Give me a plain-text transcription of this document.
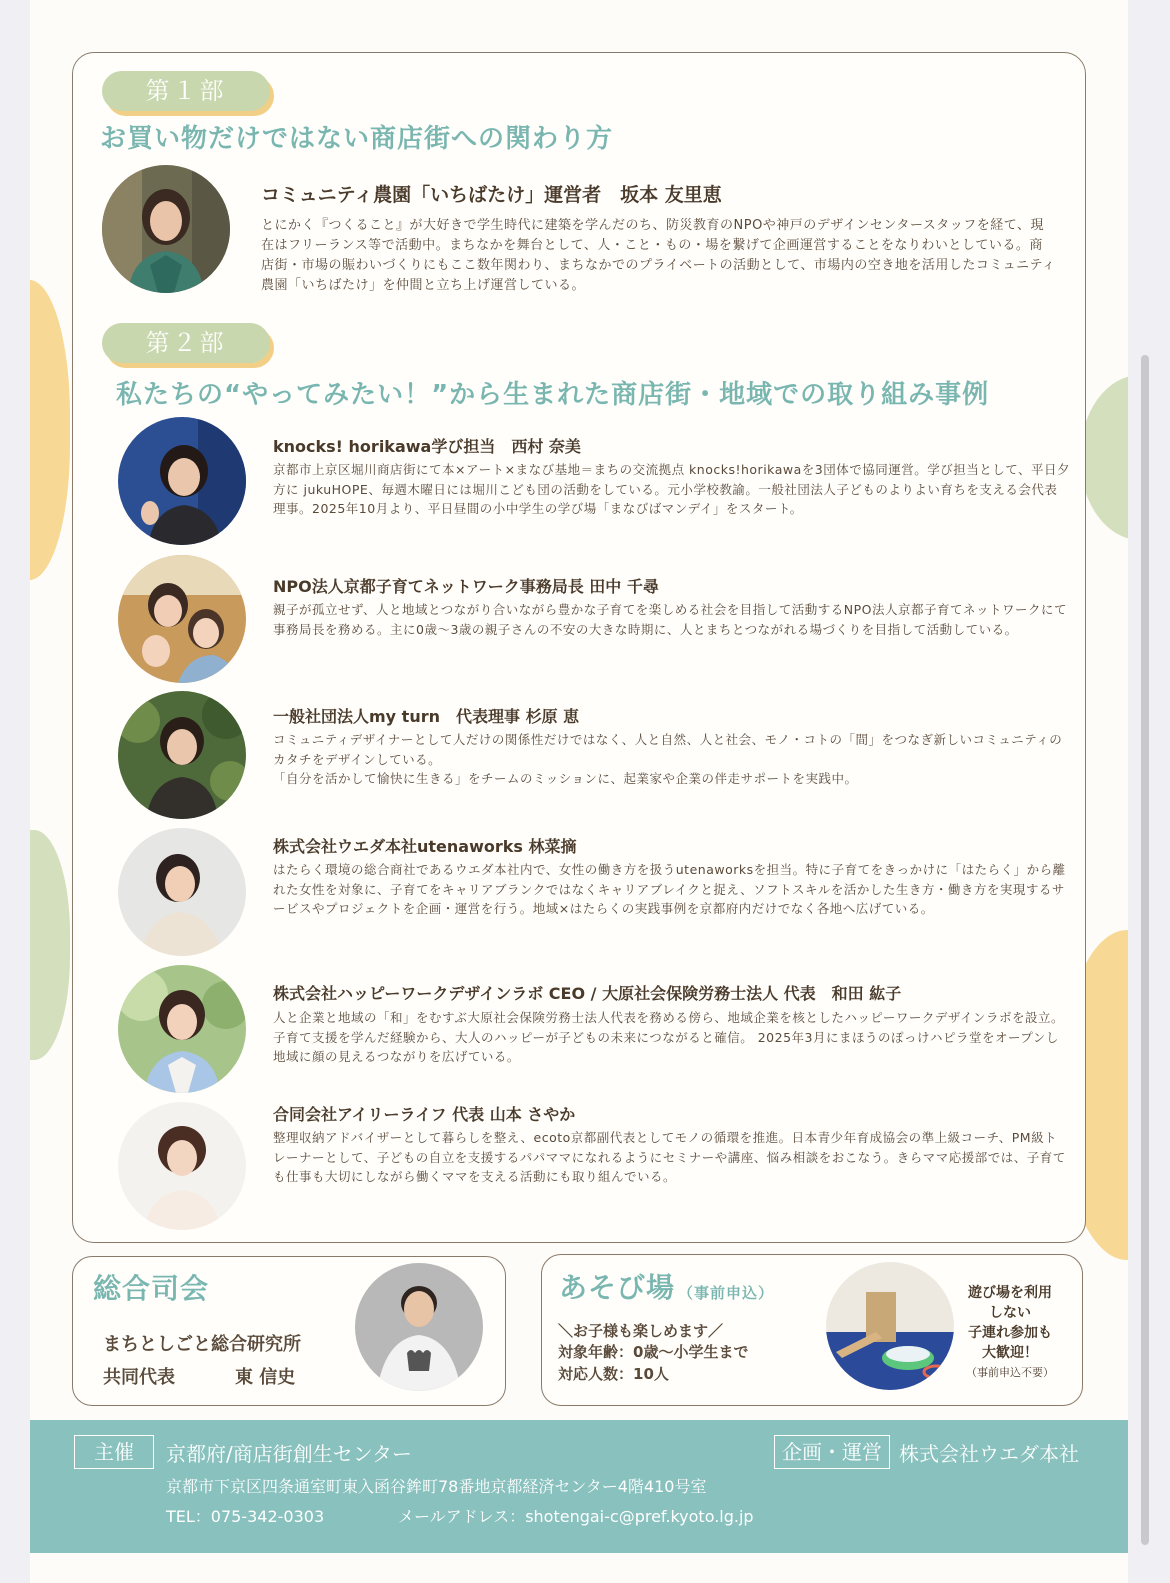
第１部
お買い物だけではない商店街への関わり方
コミュニティ農園「いちばたけ」運営者　坂本 友里恵
とにかく『つくること』が大好きで学生時代に建築を学んだのち、防災教育のNPOや神戸のデザインセンタースタッフを経て、現在はフリーランス等で活動中。まちなかを舞台として、人・こと・もの・場を繋げて企画運営することをなりわいとしている。商店街・市場の賑わいづくりにもここ数年関わり、まちなかでのプライベートの活動として、市場内の空き地を活用したコミュニティ農園「いちばたけ」を仲間と立ち上げ運営している。
第２部
私たちの“やってみたい！”から生まれた商店街・地域での取り組み事例
knocks! horikawa学び担当　西村 奈美
京都市上京区堀川商店街にて本×アート×まなび基地＝まちの交流拠点 knocks!horikawaを3団体で協同運営。学び担当として、平日夕方に jukuHOPE、毎週木曜日には堀川こども団の活動をしている。元小学校教諭。一般社団法人子どものよりよい育ちを支える会代表理事。2025年10月より、平日昼間の小中学生の学び場「まなびばマンデイ」をスタート。
NPO法人京都子育てネットワーク事務局長 田中 千尋
親子が孤立せず、人と地域とつながり合いながら豊かな子育てを楽しめる社会を目指して活動するNPO法人京都子育てネットワークにて事務局長を務める。主に0歳〜3歳の親子さんの不安の大きな時期に、人とまちとつながれる場づくりを目指して活動している。
一般社団法人my turn　代表理事 杉原 恵
コミュニティデザイナーとして人だけの関係性だけではなく、人と自然、人と社会、モノ・コトの「間」をつなぎ新しいコミュニティのカタチをデザインしている。
「自分を活かして愉快に生きる」をチームのミッションに、起業家や企業の伴走サポートを実践中。
株式会社ウエダ本社utenaworks 林菜摘
はたらく環境の総合商社であるウエダ本社内で、女性の働き方を扱うutenaworksを担当。特に子育てをきっかけに「はたらく」から離れた女性を対象に、子育てをキャリアブランクではなくキャリアブレイクと捉え、ソフトスキルを活かした生き方・働き方を実現するサービスやプロジェクトを企画・運営を行う。地域×はたらくの実践事例を京都府内だけでなく各地へ広げている。
株式会社ハッピーワークデザインラボ CEO / 大原社会保険労務士法人 代表　和田 紘子
人と企業と地域の「和」をむすぶ大原社会保険労務士法人代表を務める傍ら、地域企業を核としたハッピーワークデザインラボを設立。子育て支援を学んだ経験から、大人のハッピーが子どもの未来につながると確信。 2025年3月にまほうのぽっけハピラ堂をオープンし地域に顔の見えるつながりを広げている。
合同会社アイリーライフ 代表 山本 さやか
整理収納アドバイザーとして暮らしを整え、ecoto京都副代表としてモノの循環を推進。日本青少年育成協会の準上級コーチ、PM級トレーナーとして、子どもの自立を支援するパパママになれるようにセミナーや講座、悩み相談をおこなう。きらママ応援部では、子育ても仕事も大切にしながら働くママを支える活動にも取り組んでいる。
総合司会
まちとしごと総合研究所
共同代表	東 信史
あそび場 （事前申込）
＼お子様も楽しめます／
対象年齢：0歳〜小学生まで
対応人数：10人
遊び場を利用
しない
子連れ参加も
大歓迎！
（事前申込不要）
主催	京都府/商店街創生センター
京都市下京区四条通室町東入函谷鉾町78番地京都経済センター4階410号室
TEL：075-342-0303	メールアドレス：shotengai-c@pref.kyoto.lg.jp
企画・運営 株式会社ウエダ本社
